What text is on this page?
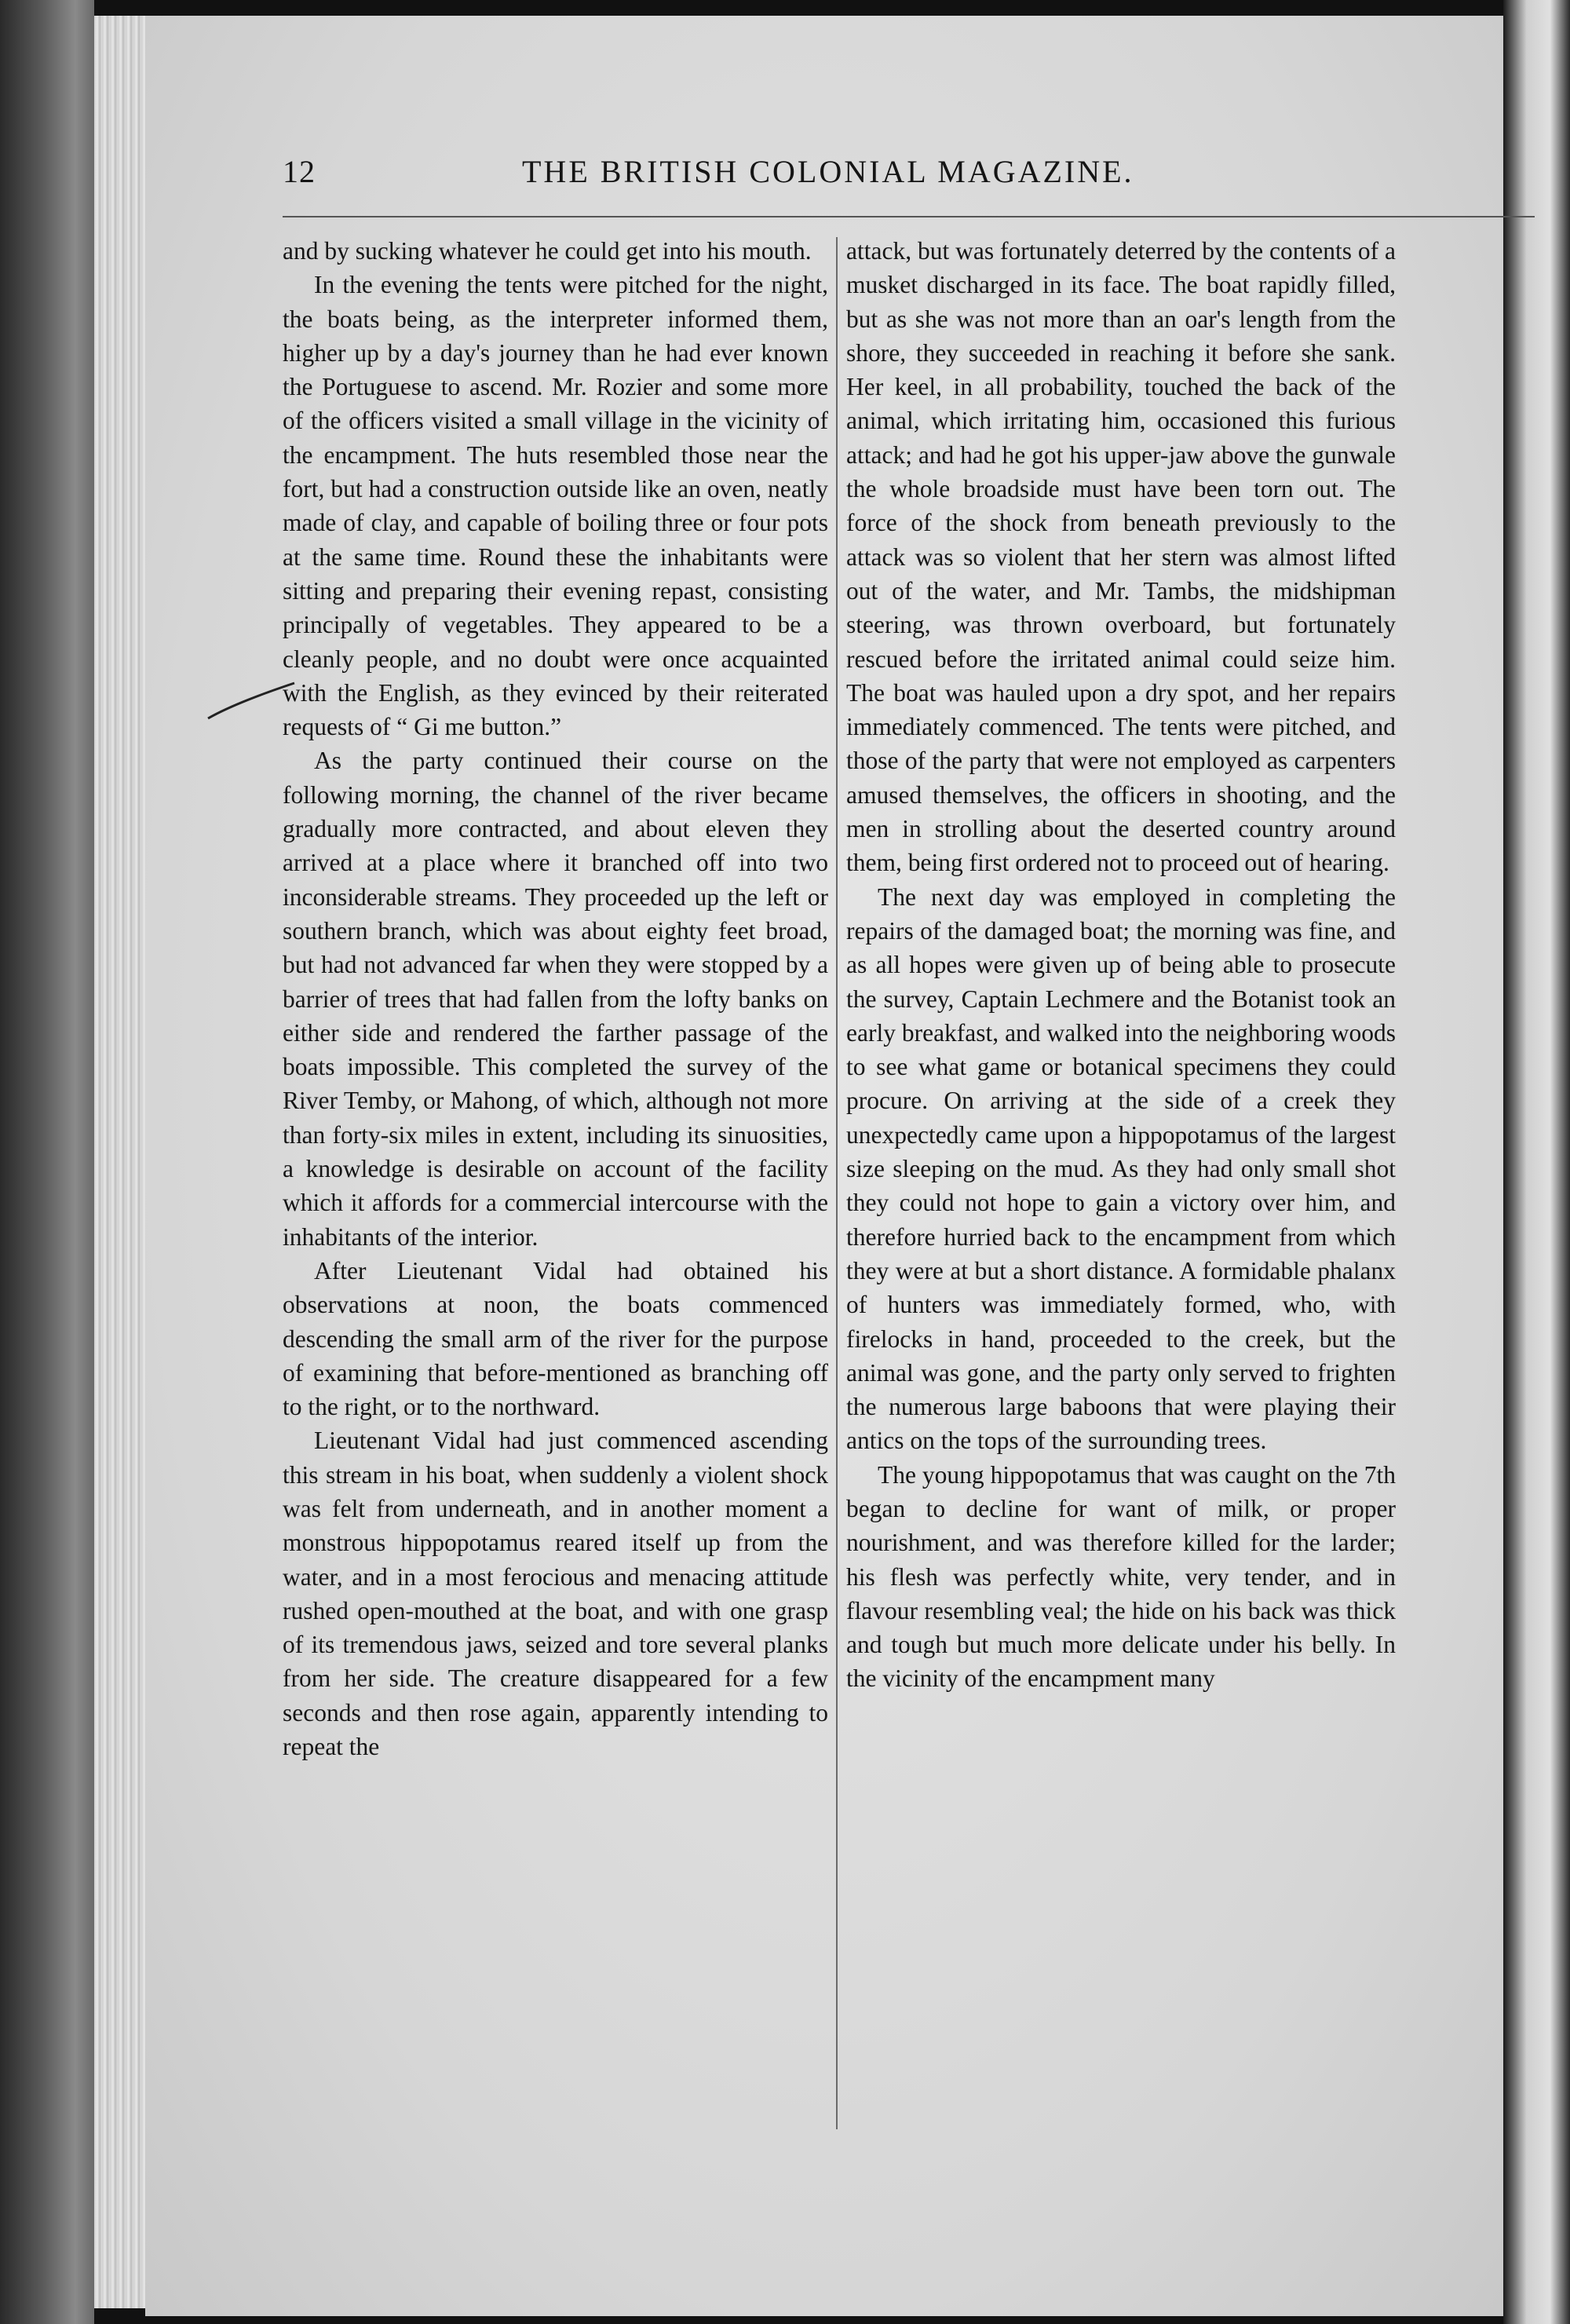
12	THE BRITISH COLONIAL MAGAZINE.

and by sucking whatever he could get into his mouth.

In the evening the tents were pitched for the night, the boats being, as the interpreter informed them, higher up by a day's journey than he had ever known the Portuguese to ascend. Mr. Rozier and some more of the officers visited a small village in the vicinity of the encampment. The huts resembled those near the fort, but had a construction outside like an oven, neatly made of clay, and capable of boiling three or four pots at the same time. Round these the inhabitants were sitting and preparing their evening repast, consisting principally of vegetables. They appeared to be a cleanly people, and no doubt were once acquainted with the English, as they evinced by their reiterated requests of “ Gi me button.”

As the party continued their course on the following morning, the channel of the river became gradually more contracted, and about eleven they arrived at a place where it branched off into two inconsiderable streams. They proceeded up the left or southern branch, which was about eighty feet broad, but had not advanced far when they were stopped by a barrier of trees that had fallen from the lofty banks on either side and rendered the farther passage of the boats impossible. This completed the survey of the River Temby, or Mahong, of which, although not more than forty-six miles in extent, including its sinuosities, a knowledge is desirable on account of the facility which it affords for a commercial intercourse with the inhabitants of the interior.

After Lieutenant Vidal had obtained his observations at noon, the boats commenced descending the small arm of the river for the purpose of examining that before-mentioned as branching off to the right, or to the northward.

Lieutenant Vidal had just commenced ascending this stream in his boat, when suddenly a violent shock was felt from underneath, and in another moment a monstrous hippopotamus reared itself up from the water, and in a most ferocious and menacing attitude rushed open-mouthed at the boat, and with one grasp of its tremendous jaws, seized and tore several planks from her side. The creature disappeared for a few seconds and then rose again, apparently intending to repeat the

attack, but was fortunately deterred by the contents of a musket discharged in its face. The boat rapidly filled, but as she was not more than an oar's length from the shore, they succeeded in reaching it before she sank. Her keel, in all probability, touched the back of the animal, which irritating him, occasioned this furious attack; and had he got his upper-jaw above the gunwale the whole broadside must have been torn out. The force of the shock from beneath previously to the attack was so violent that her stern was almost lifted out of the water, and Mr. Tambs, the midshipman steering, was thrown overboard, but fortunately rescued before the irritated animal could seize him. The boat was hauled upon a dry spot, and her repairs immediately commenced. The tents were pitched, and those of the party that were not employed as carpenters amused themselves, the officers in shooting, and the men in strolling about the deserted country around them, being first ordered not to proceed out of hearing.

The next day was employed in completing the repairs of the damaged boat; the morning was fine, and as all hopes were given up of being able to prosecute the survey, Captain Lechmere and the Botanist took an early breakfast, and walked into the neighboring woods to see what game or botanical specimens they could procure. On arriving at the side of a creek they unexpectedly came upon a hippopotamus of the largest size sleeping on the mud. As they had only small shot they could not hope to gain a victory over him, and therefore hurried back to the encampment from which they were at but a short distance. A formidable phalanx of hunters was immediately formed, who, with firelocks in hand, proceeded to the creek, but the animal was gone, and the party only served to frighten the numerous large baboons that were playing their antics on the tops of the surrounding trees.

The young hippopotamus that was caught on the 7th began to decline for want of milk, or proper nourishment, and was therefore killed for the larder; his flesh was perfectly white, very tender, and in flavour resembling veal; the hide on his back was thick and tough but much more delicate under his belly. In the vicinity of the encampment many
